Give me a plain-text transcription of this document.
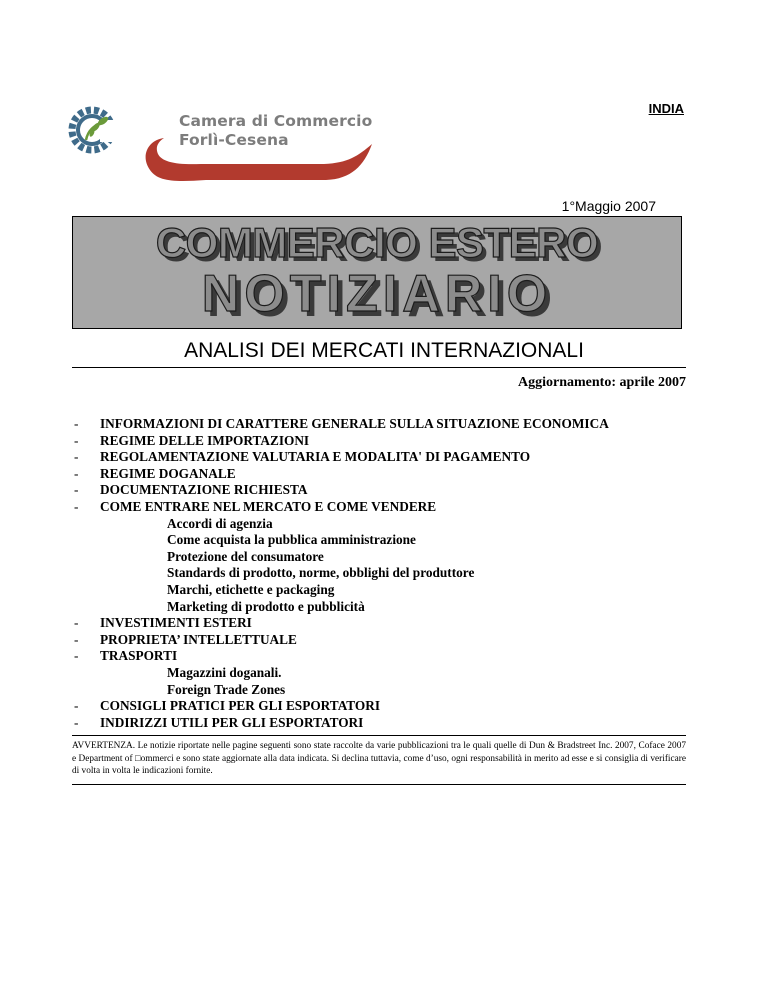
Camera di Commercio
Forlì-Cesena
INDIA
1°Maggio 2007
COMMERCIO ESTERO
NOTIZIARIO
ANALISI DEI MERCATI INTERNAZIONALI
Aggiornamento: aprile 2007
- INFORMAZIONI DI CARATTERE GENERALE SULLA SITUAZIONE ECONOMICA
- REGIME DELLE IMPORTAZIONI
- REGOLAMENTAZIONE VALUTARIA E MODALITA' DI PAGAMENTO
- REGIME DOGANALE
- DOCUMENTAZIONE RICHIESTA
- COME ENTRARE NEL MERCATO E COME VENDERE
Accordi di agenzia
Come acquista la pubblica amministrazione
Protezione del consumatore
Standards di prodotto, norme, obblighi del produttore
Marchi, etichette e packaging
Marketing di prodotto e pubblicità
- INVESTIMENTI ESTERI
- PROPRIETA’ INTELLETTUALE
- TRASPORTI
Magazzini doganali.
Foreign Trade Zones
- CONSIGLI PRATICI PER GLI ESPORTATORI
- INDIRIZZI UTILI PER GLI ESPORTATORI
AVVERTENZA. Le notizie riportate nelle pagine seguenti sono state raccolte da varie pubblicazioni tra le quali quelle di Dun & Bradstreet Inc. 2007, Coface 2007 e Department of □ommerci e sono state aggiornate alla data indicata. Si declina tuttavia, come d’uso, ogni responsabilità in merito ad esse e si consiglia di verificare di volta in volta le indicazioni fornite.
